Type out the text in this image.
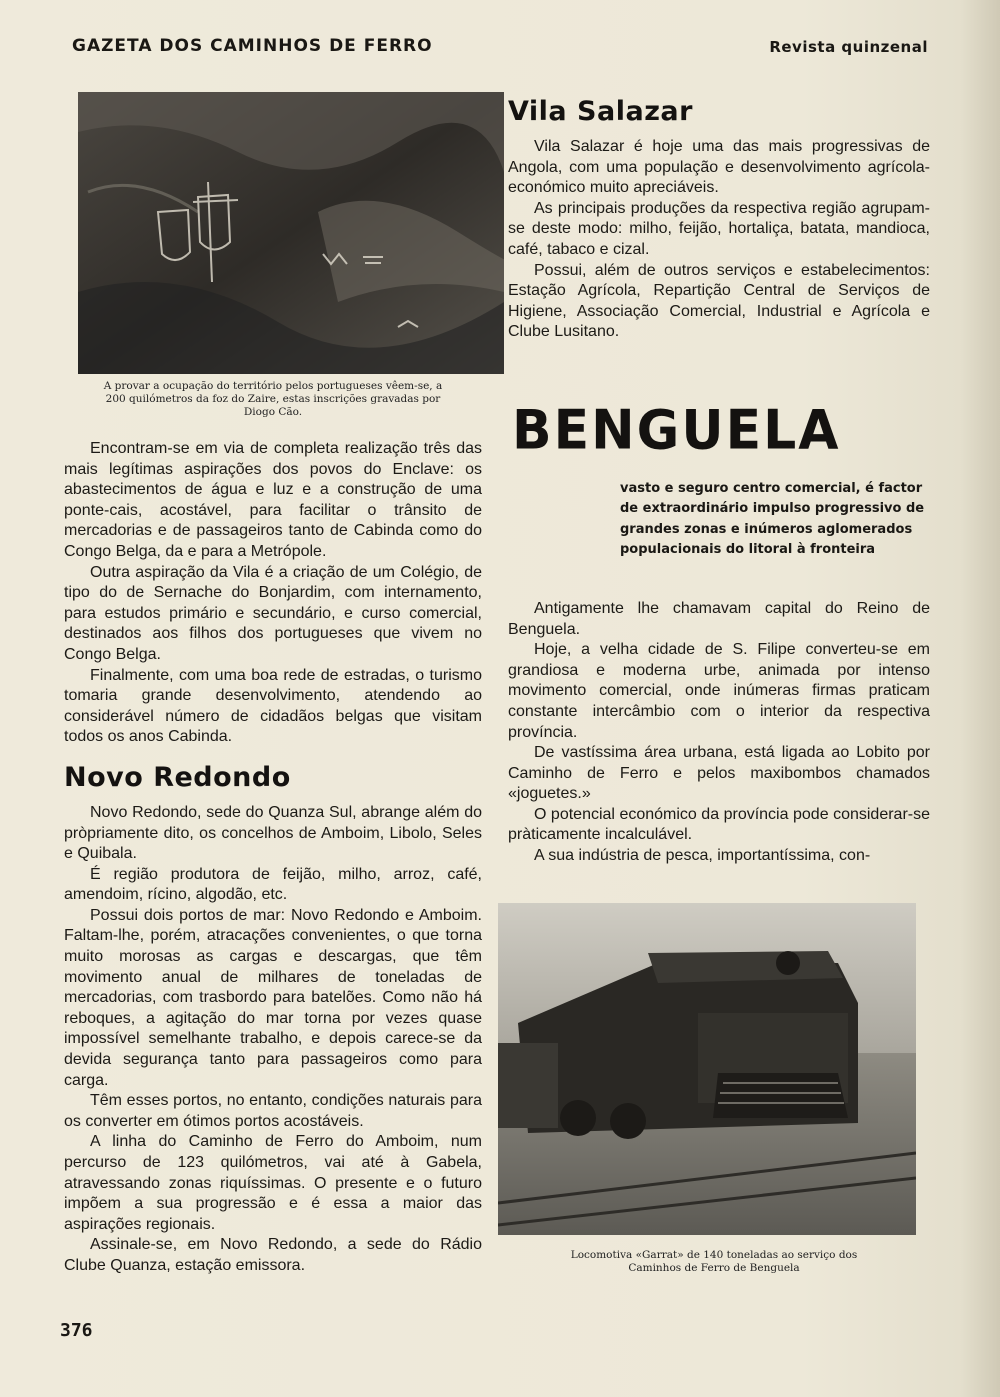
GAZETA DOS CAMINHOS DE FERRO	Revista quinzenal
A provar a ocupação do território pelos portugueses vêem-se, a 200 quilómetros da foz do Zaire, estas inscrições gravadas por Diogo Cão.

Encontram-se em via de completa realização três das mais legítimas aspirações dos povos do Enclave: os abastecimentos de água e luz e a construção de uma ponte-cais, acostável, para facilitar o trânsito de mercadorias e de passageiros tanto de Cabinda como do Congo Belga, da e para a Metrópole.

Outra aspiração da Vila é a criação de um Colégio, de tipo do de Sernache do Bonjardim, com internamento, para estudos primário e secundário, e curso comercial, destinados aos filhos dos portugueses que vivem no Congo Belga.

Finalmente, com uma boa rede de estradas, o turismo tomaria grande desenvolvimento, atendendo ao considerável número de cidadãos belgas que visitam todos os anos Cabinda.

Novo Redondo

Novo Redondo, sede do Quanza Sul, abrange além do pròpriamente dito, os concelhos de Amboim, Libolo, Seles e Quibala.

É região produtora de feijão, milho, arroz, café, amendoim, rícino, algodão, etc.

Possui dois portos de mar: Novo Redondo e Amboim. Faltam-lhe, porém, atracações convenientes, o que torna muito morosas as cargas e descargas, que têm movimento anual de milhares de toneladas de mercadorias, com trasbordo para batelões. Como não há reboques, a agitação do mar torna por vezes quase impossível semelhante trabalho, e depois carece-se da devida segurança tanto para passageiros como para carga.

Têm esses portos, no entanto, condições naturais para os converter em ótimos portos acostáveis.

A linha do Caminho de Ferro do Amboim, num percurso de 123 quilómetros, vai até à Gabela, atravessando zonas riquíssimas. O presente e o futuro impõem a sua progressão e é essa a maior das aspirações regionais.

Assinale-se, em Novo Redondo, a sede do Rádio Clube Quanza, estação emissora.

Vila Salazar

Vila Salazar é hoje uma das mais progressivas de Angola, com uma população e desenvolvimento agrícola-económico muito apreciáveis.

As principais produções da respectiva região agrupam-se deste modo: milho, feijão, hortaliça, batata, mandioca, café, tabaco e cizal.

Possui, além de outros serviços e estabelecimentos: Estação Agrícola, Repartição Central de Serviços de Higiene, Associação Comercial, Industrial e Agrícola e Clube Lusitano.

BENGUELA
vasto e seguro centro comercial, é factor de extraordinário impulso progressivo de grandes zonas e inúmeros aglomerados populacionais do litoral à fronteira

Antigamente lhe chamavam capital do Reino de Benguela.

Hoje, a velha cidade de S. Filipe converteu-se em grandiosa e moderna urbe, animada por intenso movimento comercial, onde inúmeras firmas praticam constante intercâmbio com o interior da respectiva província.

De vastíssima área urbana, está ligada ao Lobito por Caminho de Ferro e pelos maxibombos chamados «joguetes.»

O potencial económico da província pode considerar-se pràticamente incalculável.

A sua indústria de pesca, importantíssima, con-

Locomotiva «Garrat» de 140 toneladas ao serviço dos Caminhos de Ferro de Benguela
376
